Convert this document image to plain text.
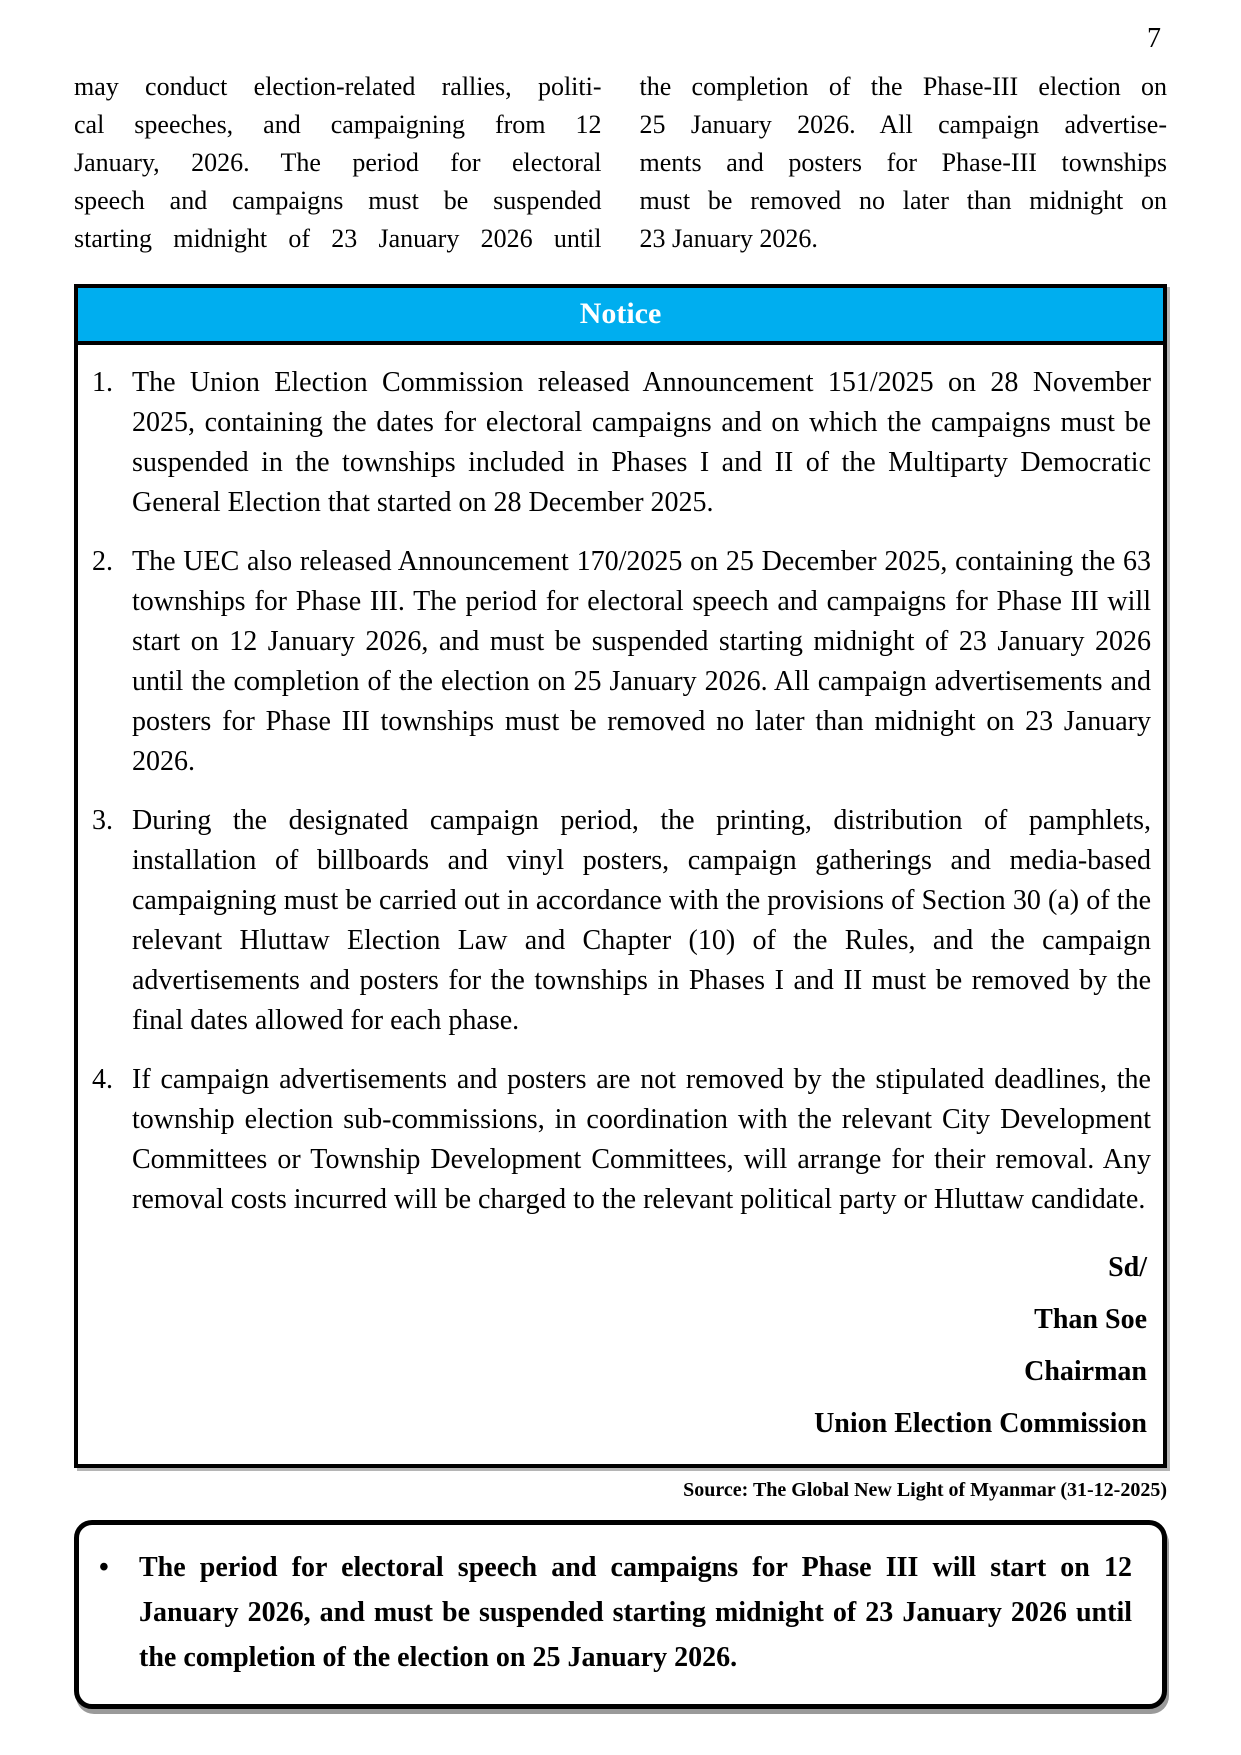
7
may conduct election-related rallies, politi-
cal speeches, and campaigning from 12
January, 2026. The period for electoral
speech and campaigns must be suspended
starting midnight of 23 January 2026 until
the completion of the Phase-III election on
25 January 2026. All campaign advertise-
ments and posters for Phase-III townships
must be removed no later than midnight on
23 January 2026.
Notice
1. The Union Election Commission released Announcement 151/2025 on 28 November 2025, containing the dates for electoral campaigns and on which the campaigns must be suspended in the townships included in Phases I and II of the Multiparty Democratic General Election that started on 28 December 2025.
2. The UEC also released Announcement 170/2025 on 25 December 2025, containing the 63 townships for Phase III. The period for electoral speech and campaigns for Phase III will start on 12 January 2026, and must be suspended starting midnight of 23 January 2026 until the completion of the election on 25 January 2026. All campaign advertisements and posters for Phase III townships must be removed no later than midnight on 23 January 2026.
3. During the designated campaign period, the printing, distribution of pamphlets, installation of billboards and vinyl posters, campaign gatherings and media-based campaigning must be carried out in accordance with the provisions of Section 30 (a) of the relevant Hluttaw Election Law and Chapter (10) of the Rules, and the campaign advertisements and posters for the townships in Phases I and II must be removed by the final dates allowed for each phase.
4. If campaign advertisements and posters are not removed by the stipulated deadlines, the township election sub-commissions, in coordination with the relevant City Development Committees or Township Development Committees, will arrange for their removal. Any removal costs incurred will be charged to the relevant political party or Hluttaw candidate.
Sd/
Than Soe
Chairman
Union Election Commission
Source: The Global New Light of Myanmar (31-12-2025)
•	The period for electoral speech and campaigns for Phase III will start on 12 January 2026, and must be suspended starting midnight of 23 January 2026 until the completion of the election on 25 January 2026.
